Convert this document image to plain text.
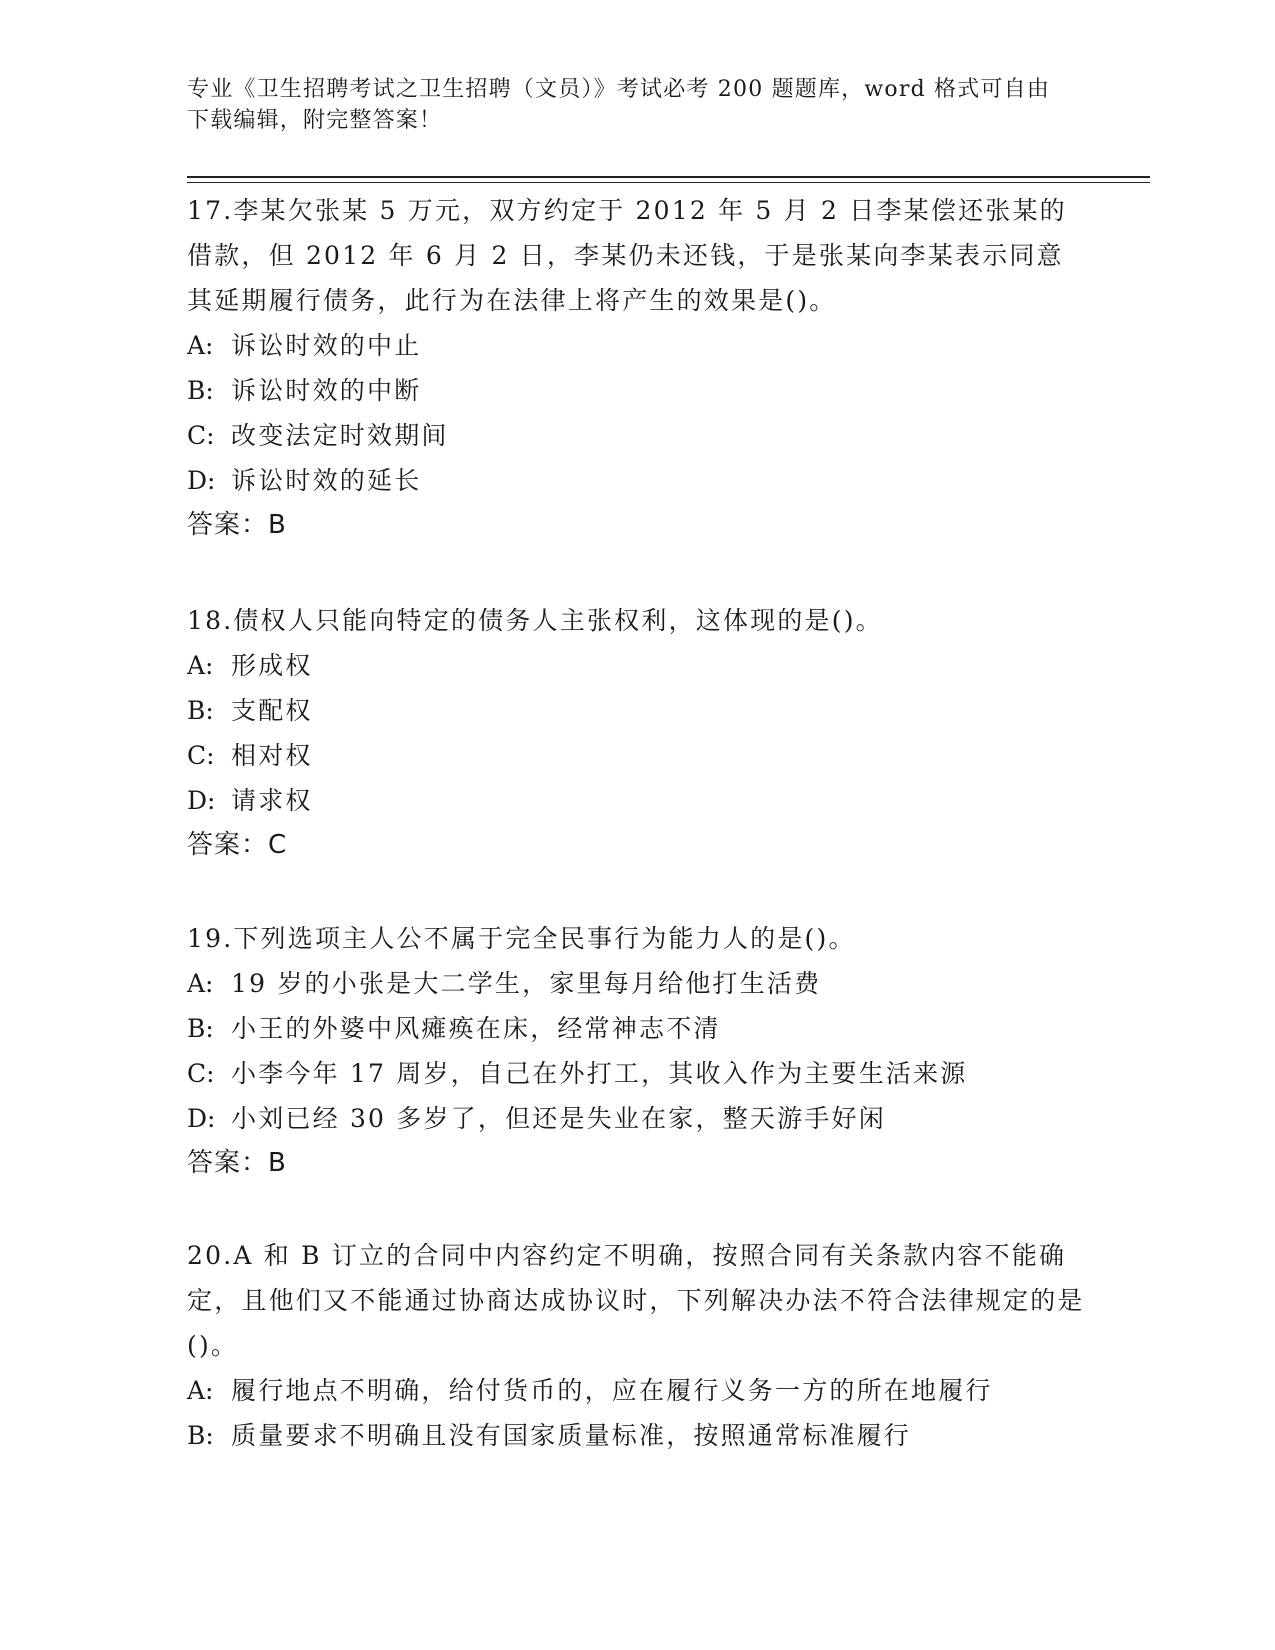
专业《卫生招聘考试之卫生招聘（文员）》考试必考 200 题题库，word 格式可自由下载编辑，附完整答案！

17.李某欠张某 5 万元，双方约定于 2012 年 5 月 2 日李某偿还张某的借款，但 2012 年 6 月 2 日，李某仍未还钱，于是张某向李某表示同意其延期履行债务，此行为在法律上将产生的效果是()。

A: 诉讼时效的中止

B: 诉讼时效的中断

C: 改变法定时效期间

D: 诉讼时效的延长

答案：B

18.债权人只能向特定的债务人主张权利，这体现的是()。

A: 形成权

B: 支配权

C: 相对权

D: 请求权

答案：C

19.下列选项主人公不属于完全民事行为能力人的是()。

A: 19 岁的小张是大二学生，家里每月给他打生活费

B: 小王的外婆中风瘫痪在床，经常神志不清

C: 小李今年 17 周岁，自己在外打工，其收入作为主要生活来源

D: 小刘已经 30 多岁了，但还是失业在家，整天游手好闲

答案：B

20.A 和 B 订立的合同中内容约定不明确，按照合同有关条款内容不能确定，且他们又不能通过协商达成协议时，下列解决办法不符合法律规定的是()。

A: 履行地点不明确，给付货币的，应在履行义务一方的所在地履行

B: 质量要求不明确且没有国家质量标准，按照通常标准履行
